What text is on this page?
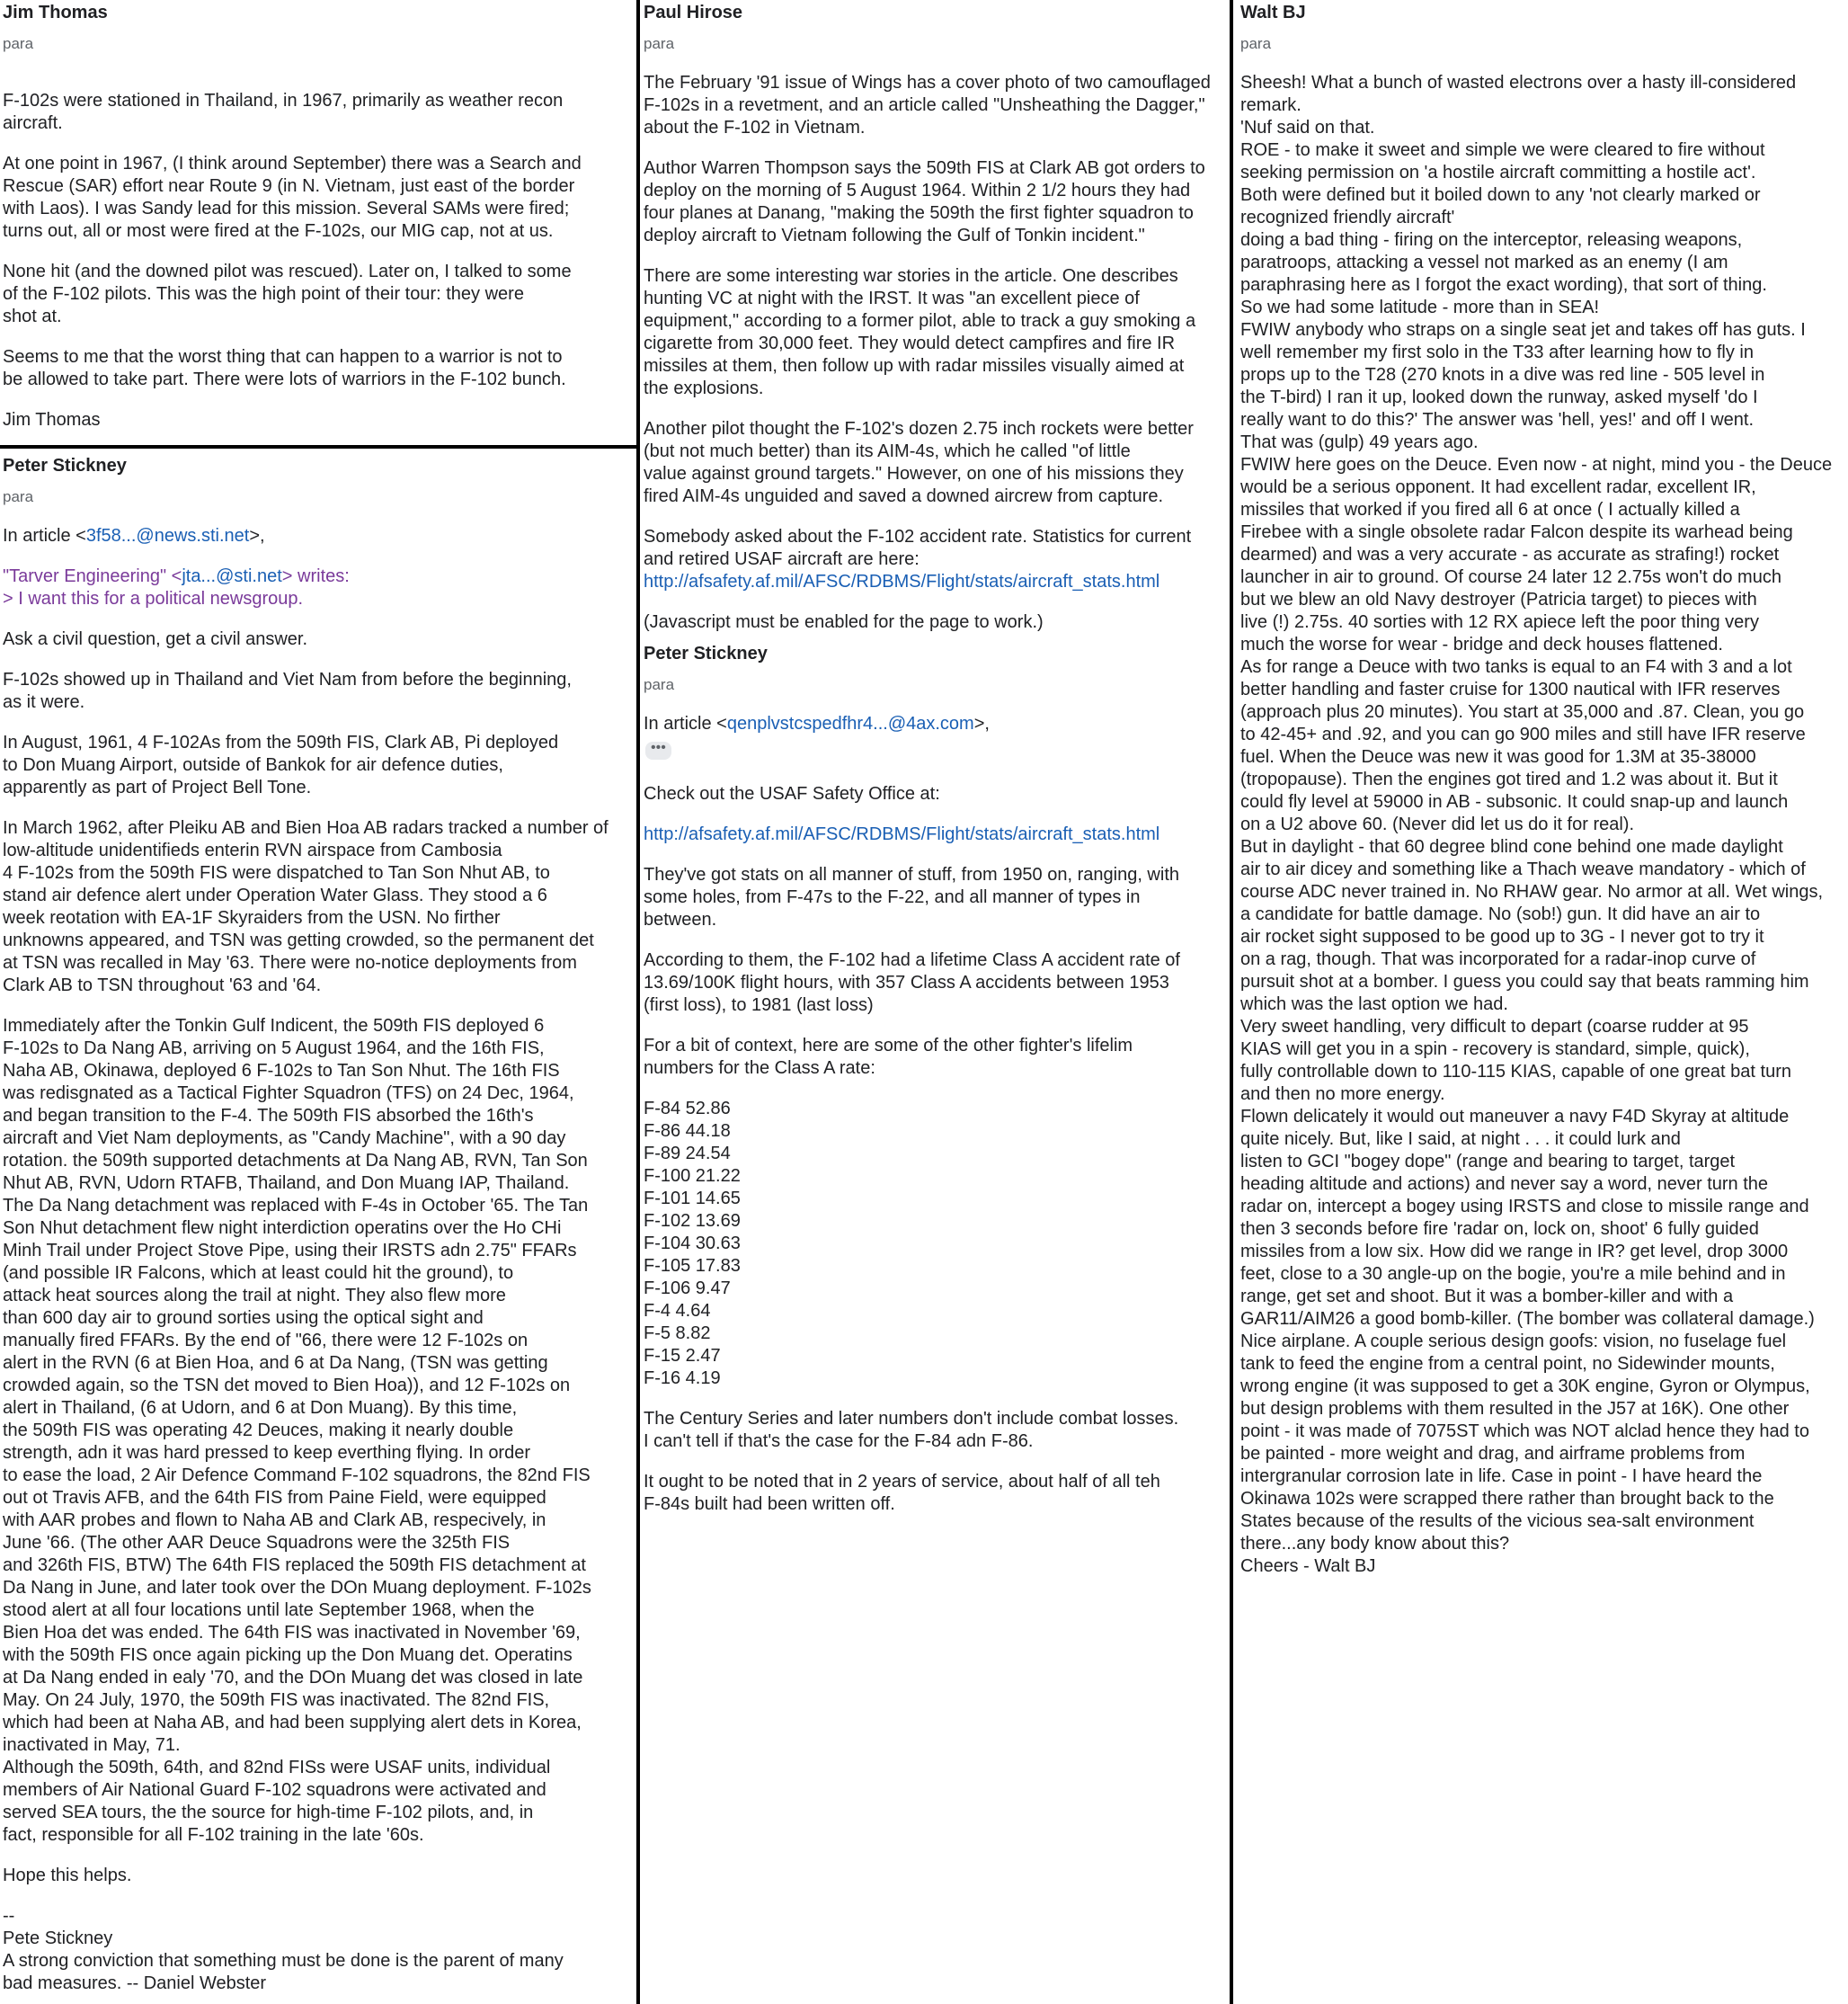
Jim Thomas
para
F-102s were stationed in Thailand, in 1967, primarily as weather recon
aircraft.
At one point in 1967, (I think around September) there was a Search and
Rescue (SAR) effort near Route 9 (in N. Vietnam, just east of the border
with Laos). I was Sandy lead for this mission. Several SAMs were fired;
turns out, all or most were fired at the F-102s, our MIG cap, not at us.
None hit (and the downed pilot was rescued). Later on, I talked to some
of the F-102 pilots. This was the high point of their tour: they were
shot at.
Seems to me that the worst thing that can happen to a warrior is not to
be allowed to take part. There were lots of warriors in the F-102 bunch.
Jim Thomas
Peter Stickney
para
In article <3f58...@news.sti.net>,
"Tarver Engineering" <jta...@sti.net> writes:
> I want this for a political newsgroup.
Ask a civil question, get a civil answer.
F-102s showed up in Thailand and Viet Nam from before the beginning,
as it were.
In August, 1961, 4 F-102As from the 509th FIS, Clark AB, Pi deployed
to Don Muang Airport, outside of Bankok for air defence duties,
apparently as part of Project Bell Tone.
In March 1962, after Pleiku AB and Bien Hoa AB radars tracked a number of
low-altitude unidentifieds enterin RVN airspace from Cambosia
4 F-102s from the 509th FIS were dispatched to Tan Son Nhut AB, to
stand air defence alert under Operation Water Glass. They stood a 6
week reotation with EA-1F Skyraiders from the USN. No firther
unknowns appeared, and TSN was getting crowded, so the permanent det
at TSN was recalled in May '63. There were no-notice deployments from
Clark AB to TSN throughout '63 and '64.
Immediately after the Tonkin Gulf Indicent, the 509th FIS deployed 6
F-102s to Da Nang AB, arriving on 5 August 1964, and the 16th FIS,
Naha AB, Okinawa, deployed 6 F-102s to Tan Son Nhut. The 16th FIS
was redisgnated as a Tactical Fighter Squadron (TFS) on 24 Dec, 1964,
and began transition to the F-4. The 509th FIS absorbed the 16th's
aircraft and Viet Nam deployments, as "Candy Machine", with a 90 day
rotation. the 509th supported detachments at Da Nang AB, RVN, Tan Son
Nhut AB, RVN, Udorn RTAFB, Thailand, and Don Muang IAP, Thailand.
The Da Nang detachment was replaced with F-4s in October '65. The Tan
Son Nhut detachment flew night interdiction operatins over the Ho CHi
Minh Trail under Project Stove Pipe, using their IRSTS adn 2.75" FFARs
(and possible IR Falcons, which at least could hit the ground), to
attack heat sources along the trail at night. They also flew more
than 600 day air to ground sorties using the optical sight and
manually fired FFARs. By the end of "66, there were 12 F-102s on
alert in the RVN (6 at Bien Hoa, and 6 at Da Nang, (TSN was getting
crowded again, so the TSN det moved to Bien Hoa)), and 12 F-102s on
alert in Thailand, (6 at Udorn, and 6 at Don Muang). By this time,
the 509th FIS was operating 42 Deuces, making it nearly double
strength, adn it was hard pressed to keep everthing flying. In order
to ease the load, 2 Air Defence Command F-102 squadrons, the 82nd FIS
out ot Travis AFB, and the 64th FIS from Paine Field, were equipped
with AAR probes and flown to Naha AB and Clark AB, respecively, in
June '66. (The other AAR Deuce Squadrons were the 325th FIS
and 326th FIS, BTW) The 64th FIS replaced the 509th FIS detachment at
Da Nang in June, and later took over the DOn Muang deployment. F-102s
stood alert at all four locations until late September 1968, when the
Bien Hoa det was ended. The 64th FIS was inactivated in November '69,
with the 509th FIS once again picking up the Don Muang det. Operatins
at Da Nang ended in ealy '70, and the DOn Muang det was closed in late
May. On 24 July, 1970, the 509th FIS was inactivated. The 82nd FIS,
which had been at Naha AB, and had been supplying alert dets in Korea,
inactivated in May, 71.
Although the 509th, 64th, and 82nd FISs were USAF units, individual
members of Air National Guard F-102 squadrons were activated and
served SEA tours, the the source for high-time F-102 pilots, and, in
fact, responsible for all F-102 training in the late '60s.
Hope this helps.
--
Pete Stickney
A strong conviction that something must be done is the parent of many
bad measures. -- Daniel Webster
Paul Hirose
para
The February '91 issue of Wings has a cover photo of two camouflaged
F-102s in a revetment, and an article called "Unsheathing the Dagger,"
about the F-102 in Vietnam.
Author Warren Thompson says the 509th FIS at Clark AB got orders to
deploy on the morning of 5 August 1964. Within 2 1/2 hours they had
four planes at Danang, "making the 509th the first fighter squadron to
deploy aircraft to Vietnam following the Gulf of Tonkin incident."
There are some interesting war stories in the article. One describes
hunting VC at night with the IRST. It was "an excellent piece of
equipment," according to a former pilot, able to track a guy smoking a
cigarette from 30,000 feet. They would detect campfires and fire IR
missiles at them, then follow up with radar missiles visually aimed at
the explosions.
Another pilot thought the F-102's dozen 2.75 inch rockets were better
(but not much better) than its AIM-4s, which he called "of little
value against ground targets." However, on one of his missions they
fired AIM-4s unguided and saved a downed aircrew from capture.
Somebody asked about the F-102 accident rate. Statistics for current
and retired USAF aircraft are here:
http://afsafety.af.mil/AFSC/RDBMS/Flight/stats/aircraft_stats.html
(Javascript must be enabled for the page to work.)
Peter Stickney
para
In article <qenplvstcspedfhr4...@4ax.com>,
•••
Check out the USAF Safety Office at:
http://afsafety.af.mil/AFSC/RDBMS/Flight/stats/aircraft_stats.html
They've got stats on all manner of stuff, from 1950 on, ranging, with
some holes, from F-47s to the F-22, and all manner of types in
between.
According to them, the F-102 had a lifetime Class A accident rate of
13.69/100K flight hours, with 357 Class A accidents between 1953
(first loss), to 1981 (last loss)
For a bit of context, here are some of the other fighter's lifelim
numbers for the Class A rate:
F-84 52.86
F-86 44.18
F-89 24.54
F-100 21.22
F-101 14.65
F-102 13.69
F-104 30.63
F-105 17.83
F-106 9.47
F-4 4.64
F-5 8.82
F-15 2.47
F-16 4.19
The Century Series and later numbers don't include combat losses.
I can't tell if that's the case for the F-84 adn F-86.
It ought to be noted that in 2 years of service, about half of all teh
F-84s built had been written off.
Walt BJ
para
Sheesh! What a bunch of wasted electrons over a hasty ill-considered
remark.
'Nuf said on that.
ROE - to make it sweet and simple we were cleared to fire without
seeking permission on 'a hostile aircraft committing a hostile act'.
Both were defined but it boiled down to any 'not clearly marked or
recognized friendly aircraft'
doing a bad thing - firing on the interceptor, releasing weapons,
paratroops, attacking a vessel not marked as an enemy (I am
paraphrasing here as I forgot the exact wording), that sort of thing.
So we had some latitude - more than in SEA!
FWIW anybody who straps on a single seat jet and takes off has guts. I
well remember my first solo in the T33 after learning how to fly in
props up to the T28 (270 knots in a dive was red line - 505 level in
the T-bird) I ran it up, looked down the runway, asked myself 'do I
really want to do this?' The answer was 'hell, yes!' and off I went.
That was (gulp) 49 years ago.
FWIW here goes on the Deuce. Even now - at night, mind you - the Deuce
would be a serious opponent. It had excellent radar, excellent IR,
missiles that worked if you fired all 6 at once ( I actually killed a
Firebee with a single obsolete radar Falcon despite its warhead being
dearmed) and was a very accurate - as accurate as strafing!) rocket
launcher in air to ground. Of course 24 later 12 2.75s won't do much
but we blew an old Navy destroyer (Patricia target) to pieces with
live (!) 2.75s. 40 sorties with 12 RX apiece left the poor thing very
much the worse for wear - bridge and deck houses flattened.
As for range a Deuce with two tanks is equal to an F4 with 3 and a lot
better handling and faster cruise for 1300 nautical with IFR reserves
(approach plus 20 minutes). You start at 35,000 and .87. Clean, you go
to 42-45+ and .92, and you can go 900 miles and still have IFR reserve
fuel. When the Deuce was new it was good for 1.3M at 35-38000
(tropopause). Then the engines got tired and 1.2 was about it. But it
could fly level at 59000 in AB - subsonic. It could snap-up and launch
on a U2 above 60. (Never did let us do it for real).
But in daylight - that 60 degree blind cone behind one made daylight
air to air dicey and something like a Thach weave mandatory - which of
course ADC never trained in. No RHAW gear. No armor at all. Wet wings,
a candidate for battle damage. No (sob!) gun. It did have an air to
air rocket sight supposed to be good up to 3G - I never got to try it
on a rag, though. That was incorporated for a radar-inop curve of
pursuit shot at a bomber. I guess you could say that beats ramming him
which was the last option we had.
Very sweet handling, very difficult to depart (coarse rudder at 95
KIAS will get you in a spin - recovery is standard, simple, quick),
fully controllable down to 110-115 KIAS, capable of one great bat turn
and then no more energy.
Flown delicately it would out maneuver a navy F4D Skyray at altitude
quite nicely. But, like I said, at night . . . it could lurk and
listen to GCI "bogey dope" (range and bearing to target, target
heading altitude and actions) and never say a word, never turn the
radar on, intercept a bogey using IRSTS and close to missile range and
then 3 seconds before fire 'radar on, lock on, shoot' 6 fully guided
missiles from a low six. How did we range in IR? get level, drop 3000
feet, close to a 30 angle-up on the bogie, you're a mile behind and in
range, get set and shoot. But it was a bomber-killer and with a
GAR11/AIM26 a good bomb-killer. (The bomber was collateral damage.)
Nice airplane. A couple serious design goofs: vision, no fuselage fuel
tank to feed the engine from a central point, no Sidewinder mounts,
wrong engine (it was supposed to get a 30K engine, Gyron or Olympus,
but design problems with them resulted in the J57 at 16K). One other
point - it was made of 7075ST which was NOT alclad hence they had to
be painted - more weight and drag, and airframe problems from
intergranular corrosion late in life. Case in point - I have heard the
Okinawa 102s were scrapped there rather than brought back to the
States because of the results of the vicious sea-salt environment
there...any body know about this?
Cheers - Walt BJ
